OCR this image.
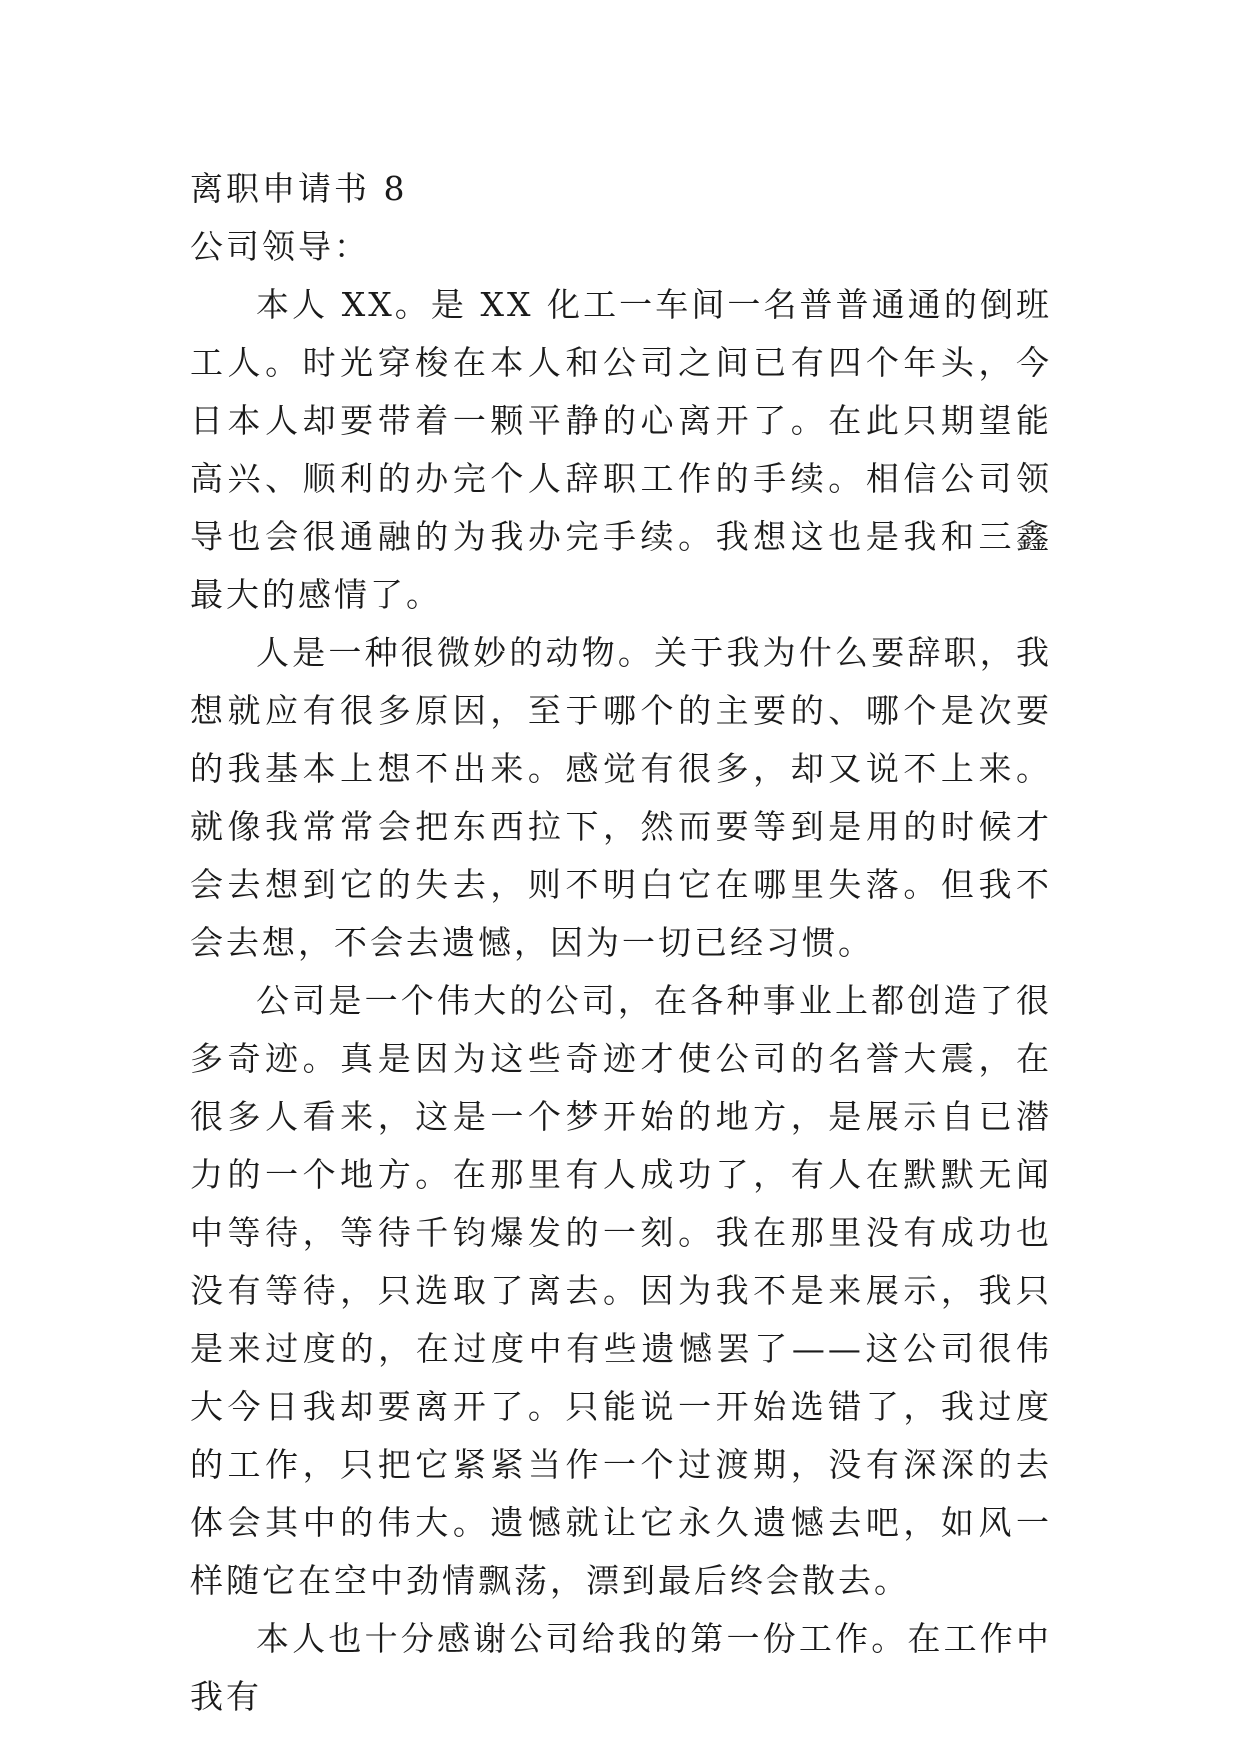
离职申请书 8

公司领导：

本人 XX。是 XX 化工一车间一名普普通通的倒班工人。时光穿梭在本人和公司之间已有四个年头，今日本人却要带着一颗平静的心离开了。在此只期望能高兴、顺利的办完个人辞职工作的手续。相信公司领导也会很通融的为我办完手续。我想这也是我和三鑫最大的感情了。

人是一种很微妙的动物。关于我为什么要辞职，我想就应有很多原因，至于哪个的主要的、哪个是次要的我基本上想不出来。感觉有很多，却又说不上来。就像我常常会把东西拉下，然而要等到是用的时候才会去想到它的失去，则不明白它在哪里失落。但我不会去想，不会去遗憾，因为一切已经习惯。

公司是一个伟大的公司，在各种事业上都创造了很多奇迹。真是因为这些奇迹才使公司的名誉大震，在很多人看来，这是一个梦开始的地方，是展示自已潜力的一个地方。在那里有人成功了，有人在默默无闻中等待，等待千钧爆发的一刻。我在那里没有成功也没有等待，只选取了离去。因为我不是来展示，我只是来过度的，在过度中有些遗憾罢了——这公司很伟大今日我却要离开了。只能说一开始选错了，我过度的工作，只把它紧紧当作一个过渡期，没有深深的去体会其中的伟大。遗憾就让它永久遗憾去吧，如风一样随它在空中劲情飘荡，漂到最后终会散去。

本人也十分感谢公司给我的第一份工作。在工作中我有
